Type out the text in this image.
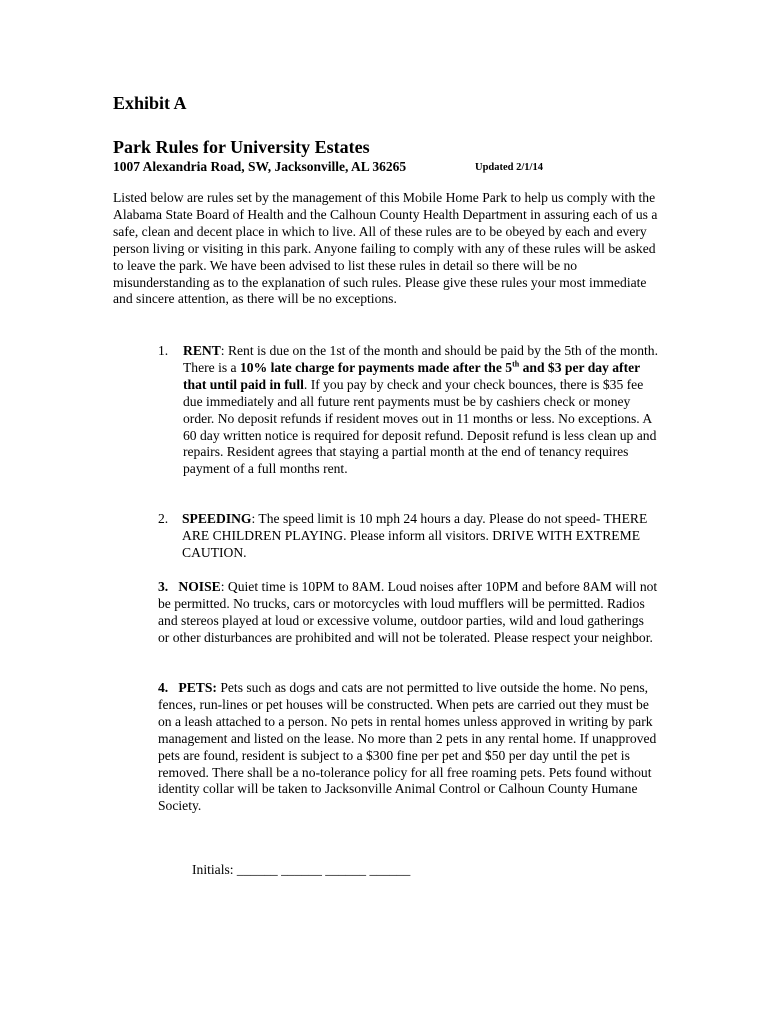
Exhibit A
Park Rules for University Estates
1007 Alexandria Road, SW, Jacksonville, AL 36265	Updated 2/1/14

Listed below are rules set by the management of this Mobile Home Park to help us comply with the Alabama State Board of Health and the Calhoun County Health Department in assuring each of us a safe, clean and decent place in which to live. All of these rules are to be obeyed by each and every person living or visiting in this park. Anyone failing to comply with any of these rules will be asked to leave the park. We have been advised to list these rules in detail so there will be no misunderstanding as to the explanation of such rules. Please give these rules your most immediate and sincere attention, as there will be no exceptions.

1. RENT: Rent is due on the 1st of the month and should be paid by the 5th of the month. There is a 10% late charge for payments made after the 5th and $3 per day after that until paid in full. If you pay by check and your check bounces, there is $35 fee due immediately and all future rent payments must be by cashiers check or money order. No deposit refunds if resident moves out in 11 months or less. No exceptions. A 60 day written notice is required for deposit refund. Deposit refund is less clean up and repairs. Resident agrees that staying a partial month at the end of tenancy requires payment of a full months rent.
2. SPEEDING: The speed limit is 10 mph 24 hours a day. Please do not speed- THERE ARE CHILDREN PLAYING. Please inform all visitors. DRIVE WITH EXTREME CAUTION.

3. NOISE: Quiet time is 10PM to 8AM. Loud noises after 10PM and before 8AM will not be permitted. No trucks, cars or motorcycles with loud mufflers will be permitted. Radios and stereos played at loud or excessive volume, outdoor parties, wild and loud gatherings or other disturbances are prohibited and will not be tolerated. Please respect your neighbor.

4. PETS: Pets such as dogs and cats are not permitted to live outside the home. No pens, fences, run-lines or pet houses will be constructed. When pets are carried out they must be on a leash attached to a person. No pets in rental homes unless approved in writing by park management and listed on the lease. No more than 2 pets in any rental home. If unapproved pets are found, resident is subject to a $300 fine per pet and $50 per day until the pet is removed. There shall be a no-tolerance policy for all free roaming pets. Pets found without identity collar will be taken to Jacksonville Animal Control or Calhoun County Humane Society.

Initials: ______ ______ ______ ______
